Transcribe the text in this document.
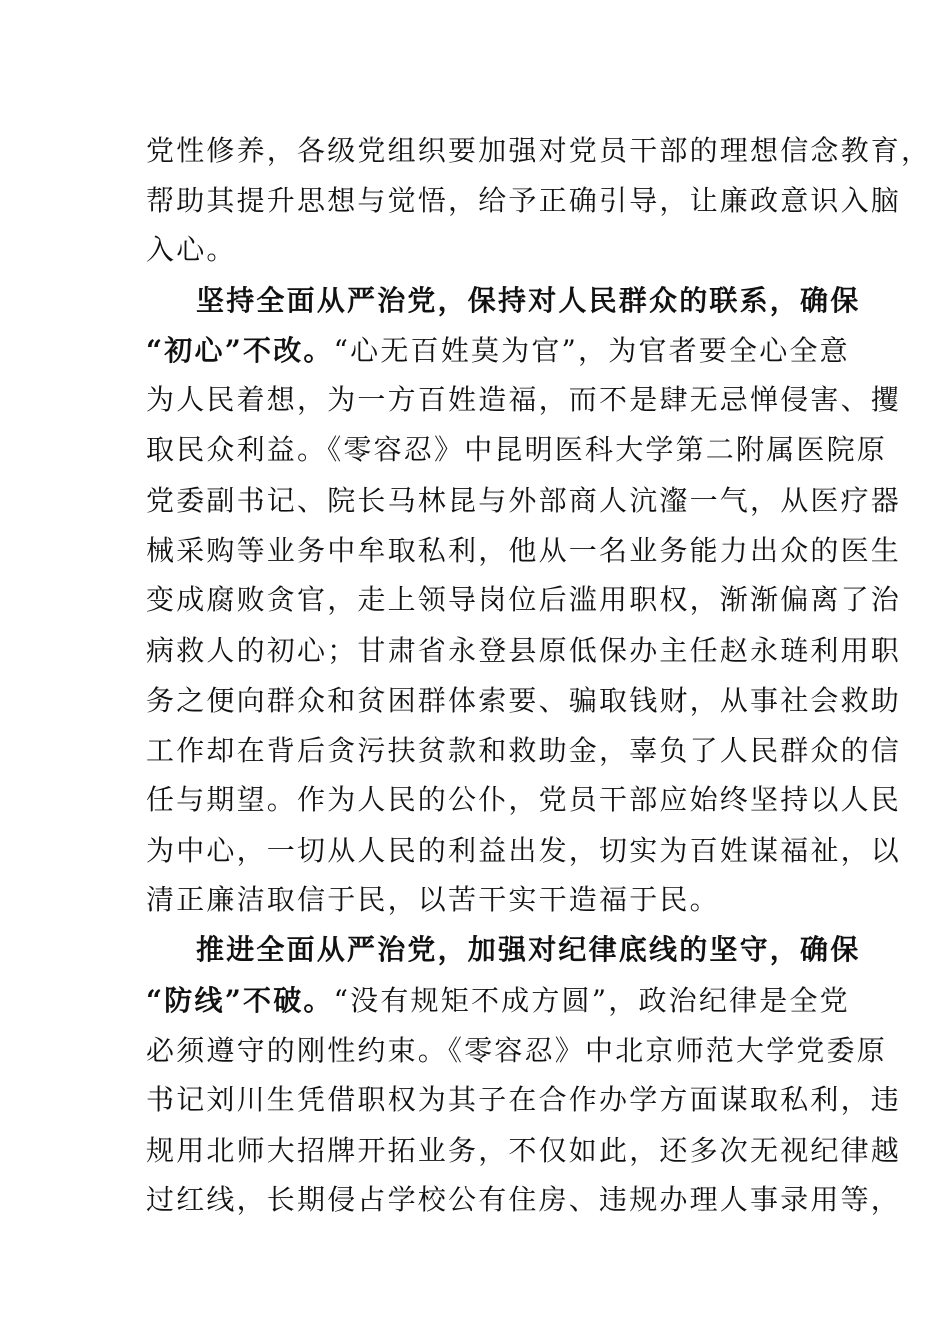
党性修养，各级党组织要加强对党员干部的理想信念教育，
帮助其提升思想与觉悟，给予正确引导，让廉政意识入脑
入心。
坚持全面从严治党，保持对人民群众的联系，确保
“初心”不改。“心无百姓莫为官”，为官者要全心全意
为人民着想，为一方百姓造福，而不是肆无忌惮侵害、攫
取民众利益。《零容忍》中昆明医科大学第二附属医院原
党委副书记、院长马林昆与外部商人沆瀣一气，从医疗器
械采购等业务中牟取私利，他从一名业务能力出众的医生
变成腐败贪官，走上领导岗位后滥用职权，渐渐偏离了治
病救人的初心；甘肃省永登县原低保办主任赵永琏利用职
务之便向群众和贫困群体索要、骗取钱财，从事社会救助
工作却在背后贪污扶贫款和救助金，辜负了人民群众的信
任与期望。作为人民的公仆，党员干部应始终坚持以人民
为中心，一切从人民的利益出发，切实为百姓谋福祉，以
清正廉洁取信于民，以苦干实干造福于民。
推进全面从严治党，加强对纪律底线的坚守，确保
“防线”不破。“没有规矩不成方圆”，政治纪律是全党
必须遵守的刚性约束。《零容忍》中北京师范大学党委原
书记刘川生凭借职权为其子在合作办学方面谋取私利，违
规用北师大招牌开拓业务，不仅如此，还多次无视纪律越
过红线，长期侵占学校公有住房、违规办理人事录用等，
